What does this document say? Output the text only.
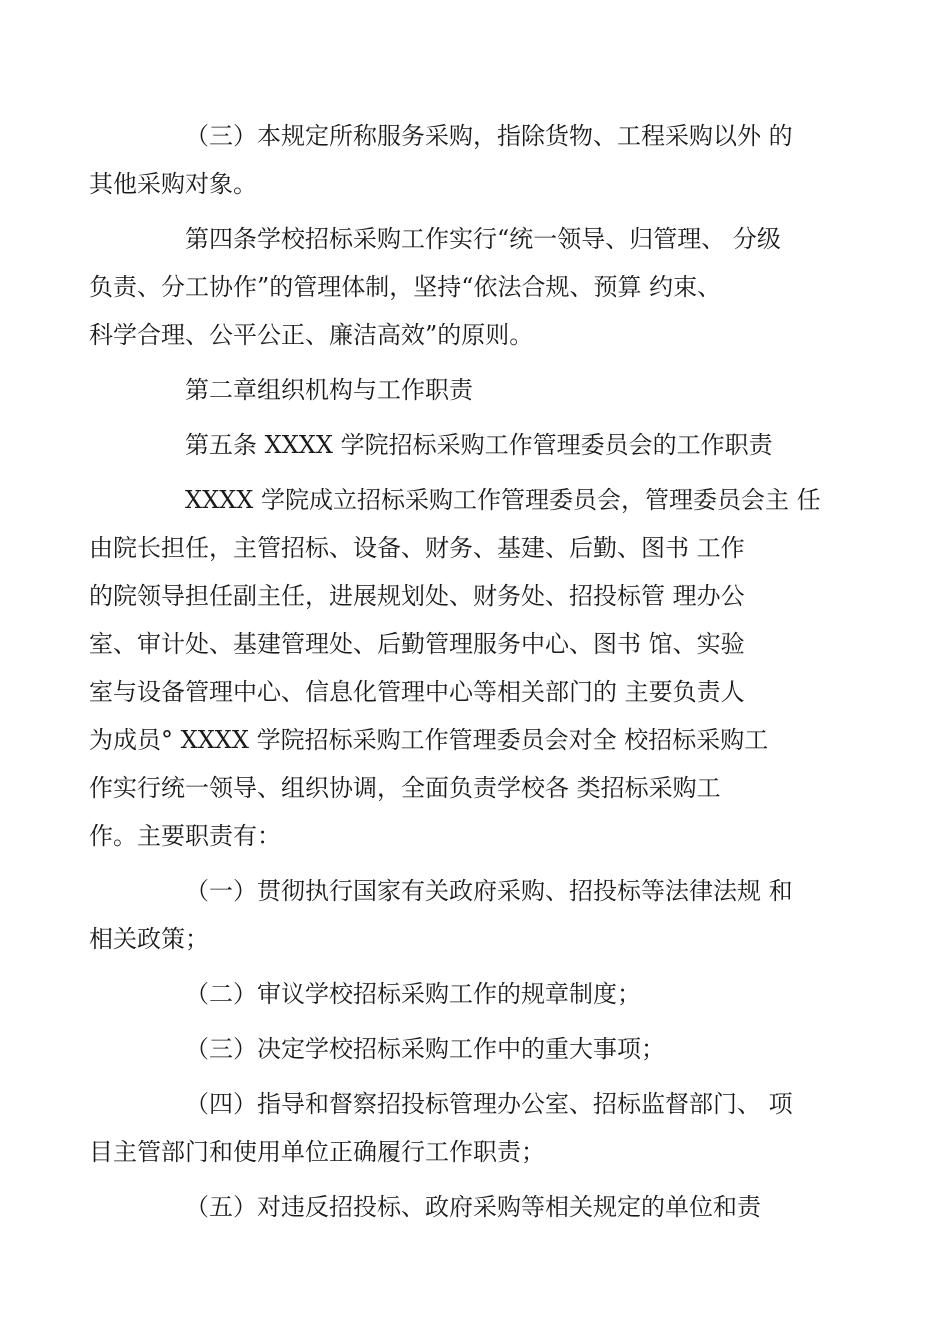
（三）本规定所称服务采购，指除货物、工程采购以外 的
其他采购对象。
第四条学校招标采购工作实行“统一领导、归管理、 分级
负责、分工协作”的管理体制，坚持“依法合规、预算 约束、
科学合理、公平公正、廉洁高效”的原则。
第二章组织机构与工作职责
第五条 XXXX 学院招标采购工作管理委员会的工作职责
XXXX 学院成立招标采购工作管理委员会，管理委员会主 任
由院长担任，主管招标、设备、财务、基建、后勤、图书 工作
的院领导担任副主任，进展规划处、财务处、招投标管 理办公
室、审计处、基建管理处、后勤管理服务中心、图书 馆、实验
室与设备管理中心、信息化管理中心等相关部门的 主要负责人
为成员° XXXX 学院招标采购工作管理委员会对全 校招标采购工
作实行统一领导、组织协调，全面负责学校各 类招标采购工
作。主要职责有：
（一）贯彻执行国家有关政府采购、招投标等法律法规 和
相关政策；
（二）审议学校招标采购工作的规章制度；
（三）决定学校招标采购工作中的重大事项；
（四）指导和督察招投标管理办公室、招标监督部门、 项
目主管部门和使用单位正确履行工作职责；
（五）对违反招投标、政府采购等相关规定的单位和责
